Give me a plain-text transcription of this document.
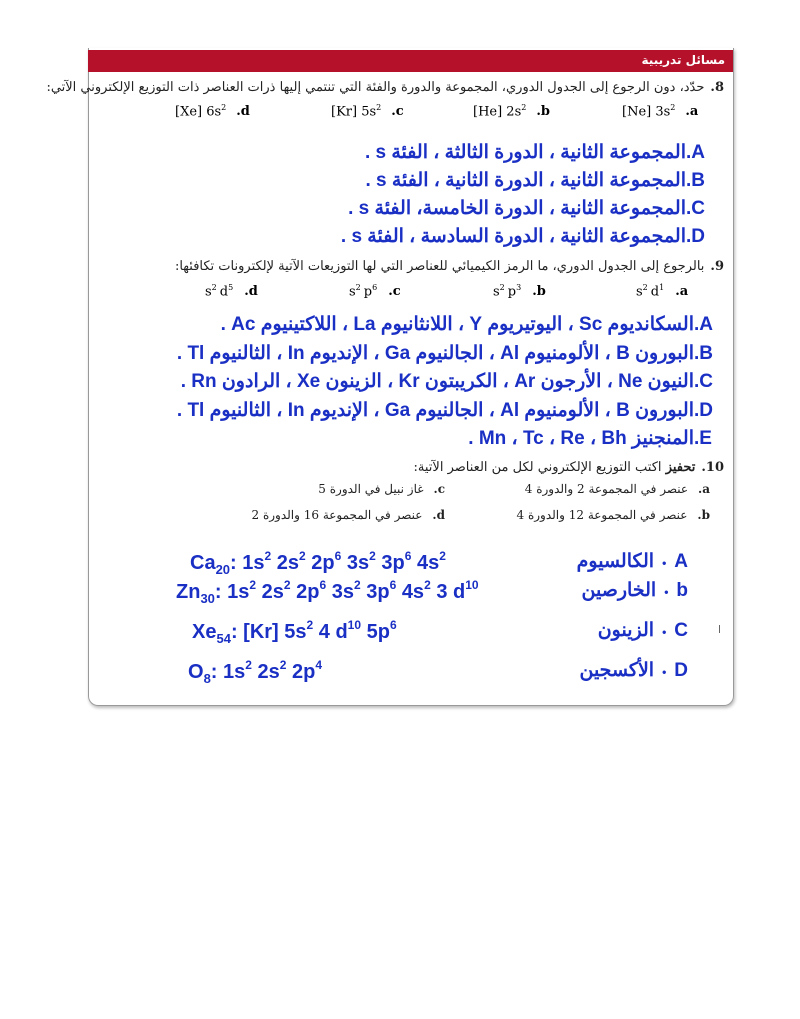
مسائل تدريبية
8.حدّد، دون الرجوع إلى الجدول الدوري، المجموعة والدورة والفئة التي تنتمي إليها ذرات العناصر ذات التوزيع الإلكتروني الآتي:
[Ne] $3s^2$ .a
[He] $2s^2$ .b
[Kr] $5s^2$ .c
[Xe] $6s^2$ .d
.Aالمجموعة الثانية ، الدورة الثالثة ، الفئة s .
.Bالمجموعة الثانية ، الدورة الثانية ، الفئة s .
.Cالمجموعة الثانية ، الدورة الخامسة، الفئة s .
.Dالمجموعة الثانية ، الدورة السادسة ، الفئة s .
9.بالرجوع إلى الجدول الدوري، ما الرمز الكيميائي للعناصر التي لها التوزيعات الآتية لإلكترونات تكافئها:
$s^2$ $d^1$ .a
$s^2$ $p^3$ .b
$s^2$ $p^6$ .c
$s^2$ $d^5$ .d
.Aالسكانديوم Sc ، اليوتيريوم Y ، اللانثانيوم La ، اللاكتينيوم Ac .
.Bالبورون B ، الألومنيوم Al ، الجالنيوم Ga ، الإنديوم In ، الثالنيوم Tl .
.Cالنيون Ne ، الأرجون Ar ، الكريبتون Kr ، الزينون Xe ، الرادون Rn .
.Dالبورون B ، الألومنيوم Al ، الجالنيوم Ga ، الإنديوم In ، الثالنيوم Tl .
.Eالمنجنيز Mn ، Tc ، Re ، Bh .
10.تحفيز اكتب التوزيع الإلكتروني لكل من العناصر الآتية:
a.عنصر في المجموعة 2 والدورة 4
c.غاز نبيل في الدورة 5
b.عنصر في المجموعة 12 والدورة 4
d.عنصر في المجموعة 16 والدورة 2
الكالسيوم • A
$Ca_{20}$: $1s^2$ $2s^2$ $2p^6$ $3s^2$ $3p^6$ $4s^2$
الخارصين • b
$Zn_{30}$: $1s^2$ $2s^2$ $2p^6$ $3s^2$ $3p^6$ $4s^2$ 3 $d^{10}$
الزينون • C
$Xe_{54}$: [Kr] $5s^2$ 4 $d^{10}$ $5p^6$
الأكسجين • D
$O_8$: $1s^2$ $2s^2$ $2p^4$
